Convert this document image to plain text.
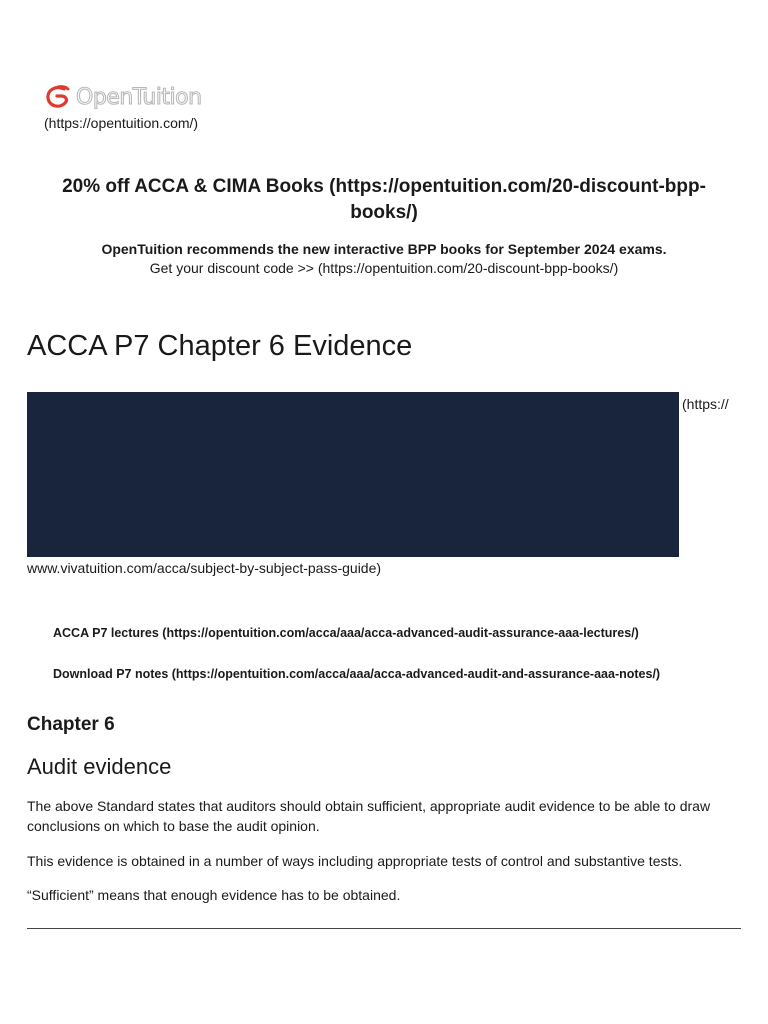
OpenTuition
(https://opentuition.com/)
20% off ACCA & CIMA Books (https://opentuition.com/20-discount-bpp-books/)
OpenTuition recommends the new interactive BPP books for September 2024 exams.
Get your discount code >> (https://opentuition.com/20-discount-bpp-books/)
ACCA P7 Chapter 6 Evidence
(https://
www.vivatuition.com/acca/subject-by-subject-pass-guide)
ACCA P7 lectures (https://opentuition.com/acca/aaa/acca-advanced-audit-assurance-aaa-lectures/)
Download P7 notes (https://opentuition.com/acca/aaa/acca-advanced-audit-and-assurance-aaa-notes/)
Chapter 6
Audit evidence

The above Standard states that auditors should obtain sufficient, appropriate audit evidence to be able to draw conclusions on which to base the audit opinion.

This evidence is obtained in a number of ways including appropriate tests of control and substantive tests.

“Sufficient” means that enough evidence has to be obtained.
